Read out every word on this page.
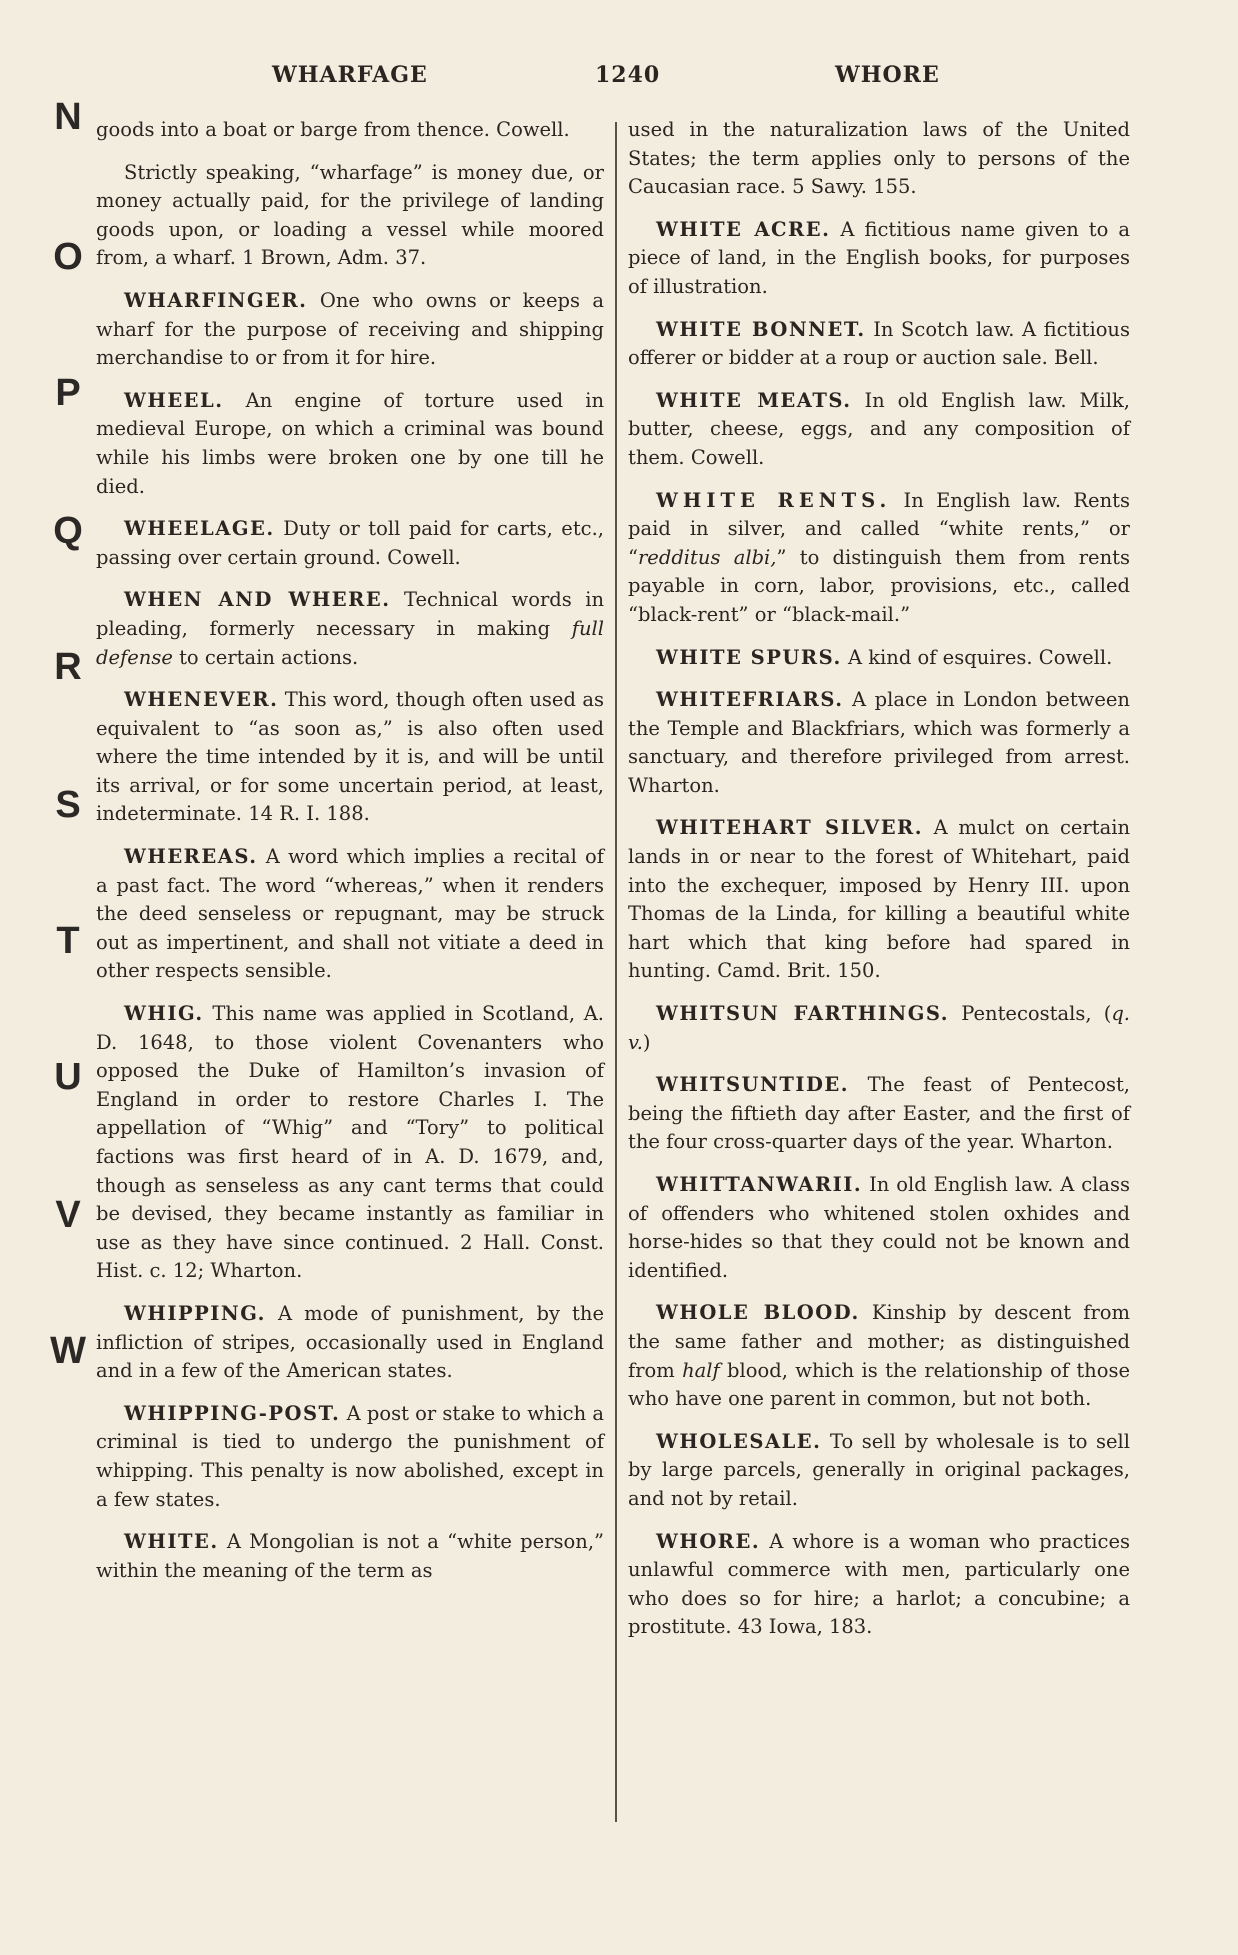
WHARFAGE	1240	WHORE
N
O
P
Q
R
S
T
U
V
W
goods into a boat or barge from thence. Cowell.
Strictly speaking, “wharfage” is money due, or money actually paid, for the privilege of landing goods upon, or loading a vessel while moored from, a wharf. 1 Brown, Adm. 37.
WHARFINGER. One who owns or keeps a wharf for the purpose of receiving and shipping merchandise to or from it for hire.
WHEEL. An engine of torture used in medieval Europe, on which a criminal was bound while his limbs were broken one by one till he died.
WHEELAGE. Duty or toll paid for carts, etc., passing over certain ground. Cowell.
WHEN AND WHERE. Technical words in pleading, formerly necessary in making full defense to certain actions.
WHENEVER. This word, though often used as equivalent to “as soon as,” is also often used where the time intended by it is, and will be until its arrival, or for some uncertain period, at least, indeterminate. 14 R. I. 188.
WHEREAS. A word which implies a recital of a past fact. The word “whereas,” when it renders the deed senseless or repugnant, may be struck out as impertinent, and shall not vitiate a deed in other respects sensible.
WHIG. This name was applied in Scotland, A. D. 1648, to those violent Covenanters who opposed the Duke of Hamilton’s invasion of England in order to restore Charles I. The appellation of “Whig” and “Tory” to political factions was first heard of in A. D. 1679, and, though as senseless as any cant terms that could be devised, they became instantly as familiar in use as they have since continued. 2 Hall. Const. Hist. c. 12; Wharton.
WHIPPING. A mode of punishment, by the infliction of stripes, occasionally used in England and in a few of the American states.
WHIPPING-POST. A post or stake to which a criminal is tied to undergo the punishment of whipping. This penalty is now abolished, except in a few states.
WHITE. A Mongolian is not a “white person,” within the meaning of the term as
used in the naturalization laws of the United States; the term applies only to persons of the Caucasian race. 5 Sawy. 155.
WHITE ACRE. A fictitious name given to a piece of land, in the English books, for purposes of illustration.
WHITE BONNET. In Scotch law. A fictitious offerer or bidder at a roup or auction sale. Bell.
WHITE MEATS. In old English law. Milk, butter, cheese, eggs, and any composition of them. Cowell.
WHITE RENTS. In English law. Rents paid in silver, and called “white rents,” or “redditus albi,” to distinguish them from rents payable in corn, labor, provisions, etc., called “black-rent” or “black-mail.”
WHITE SPURS. A kind of esquires. Cowell.
WHITEFRIARS. A place in London between the Temple and Blackfriars, which was formerly a sanctuary, and therefore privileged from arrest. Wharton.
WHITEHART SILVER. A mulct on certain lands in or near to the forest of Whitehart, paid into the exchequer, imposed by Henry III. upon Thomas de la Linda, for killing a beautiful white hart which that king before had spared in hunting. Camd. Brit. 150.
WHITSUN FARTHINGS. Pentecostals, (q. v.)
WHITSUNTIDE. The feast of Pentecost, being the fiftieth day after Easter, and the first of the four cross-quarter days of the year. Wharton.
WHITTANWARII. In old English law. A class of offenders who whitened stolen oxhides and horse-hides so that they could not be known and identified.
WHOLE BLOOD. Kinship by descent from the same father and mother; as distinguished from half blood, which is the relationship of those who have one parent in common, but not both.
WHOLESALE. To sell by wholesale is to sell by large parcels, generally in original packages, and not by retail.
WHORE. A whore is a woman who practices unlawful commerce with men, particularly one who does so for hire; a harlot; a concubine; a prostitute. 43 Iowa, 183.
